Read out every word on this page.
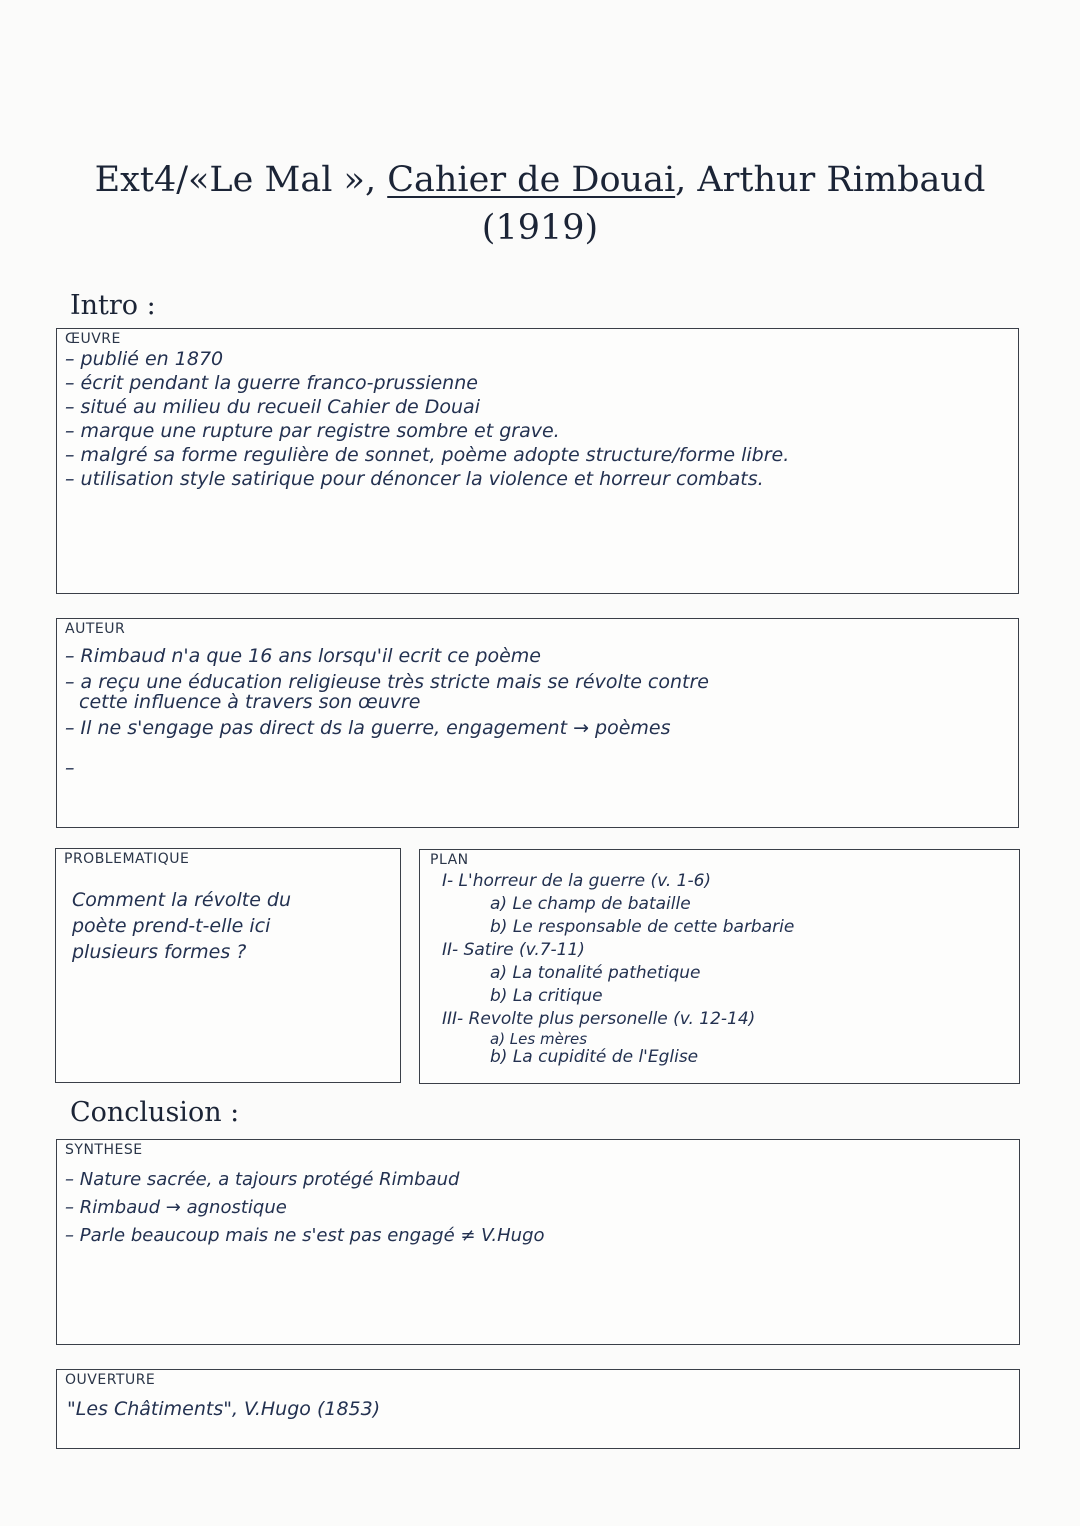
Ext4/«Le Mal », Cahier de Douai, Arthur Rimbaud
(1919)
Intro :
ŒUVRE
– publié en 1870
– écrit pendant la guerre franco-prussienne
– situé au milieu du recueil Cahier de Douai
– marque une rupture par registre sombre et grave.
– malgré sa forme regulière de sonnet, poème adopte structure/forme libre.
– utilisation style satirique pour dénoncer la violence et horreur combats.
AUTEUR
– Rimbaud n'a que 16 ans lorsqu'il ecrit ce poème
– a reçu une éducation religieuse très stricte mais se révolte contre
cette influence à travers son œuvre
– Il ne s'engage pas direct ds la guerre, engagement → poèmes
–
PROBLEMATIQUE
Comment la révolte du
poète prend-t-elle ici
plusieurs formes ?
PLAN
I- L'horreur de la guerre (v. 1-6)
a) Le champ de bataille
b) Le responsable de cette barbarie
II- Satire (v.7-11)
a) La tonalité pathetique
b) La critique
III- Revolte plus personelle (v. 12-14)
a) Les mères
b) La cupidité de l'Eglise
Conclusion :
SYNTHESE
– Nature sacrée, a tajours protégé Rimbaud
– Rimbaud → agnostique
– Parle beaucoup mais ne s'est pas engagé ≠ V.Hugo
OUVERTURE
"Les Châtiments", V.Hugo (1853)
